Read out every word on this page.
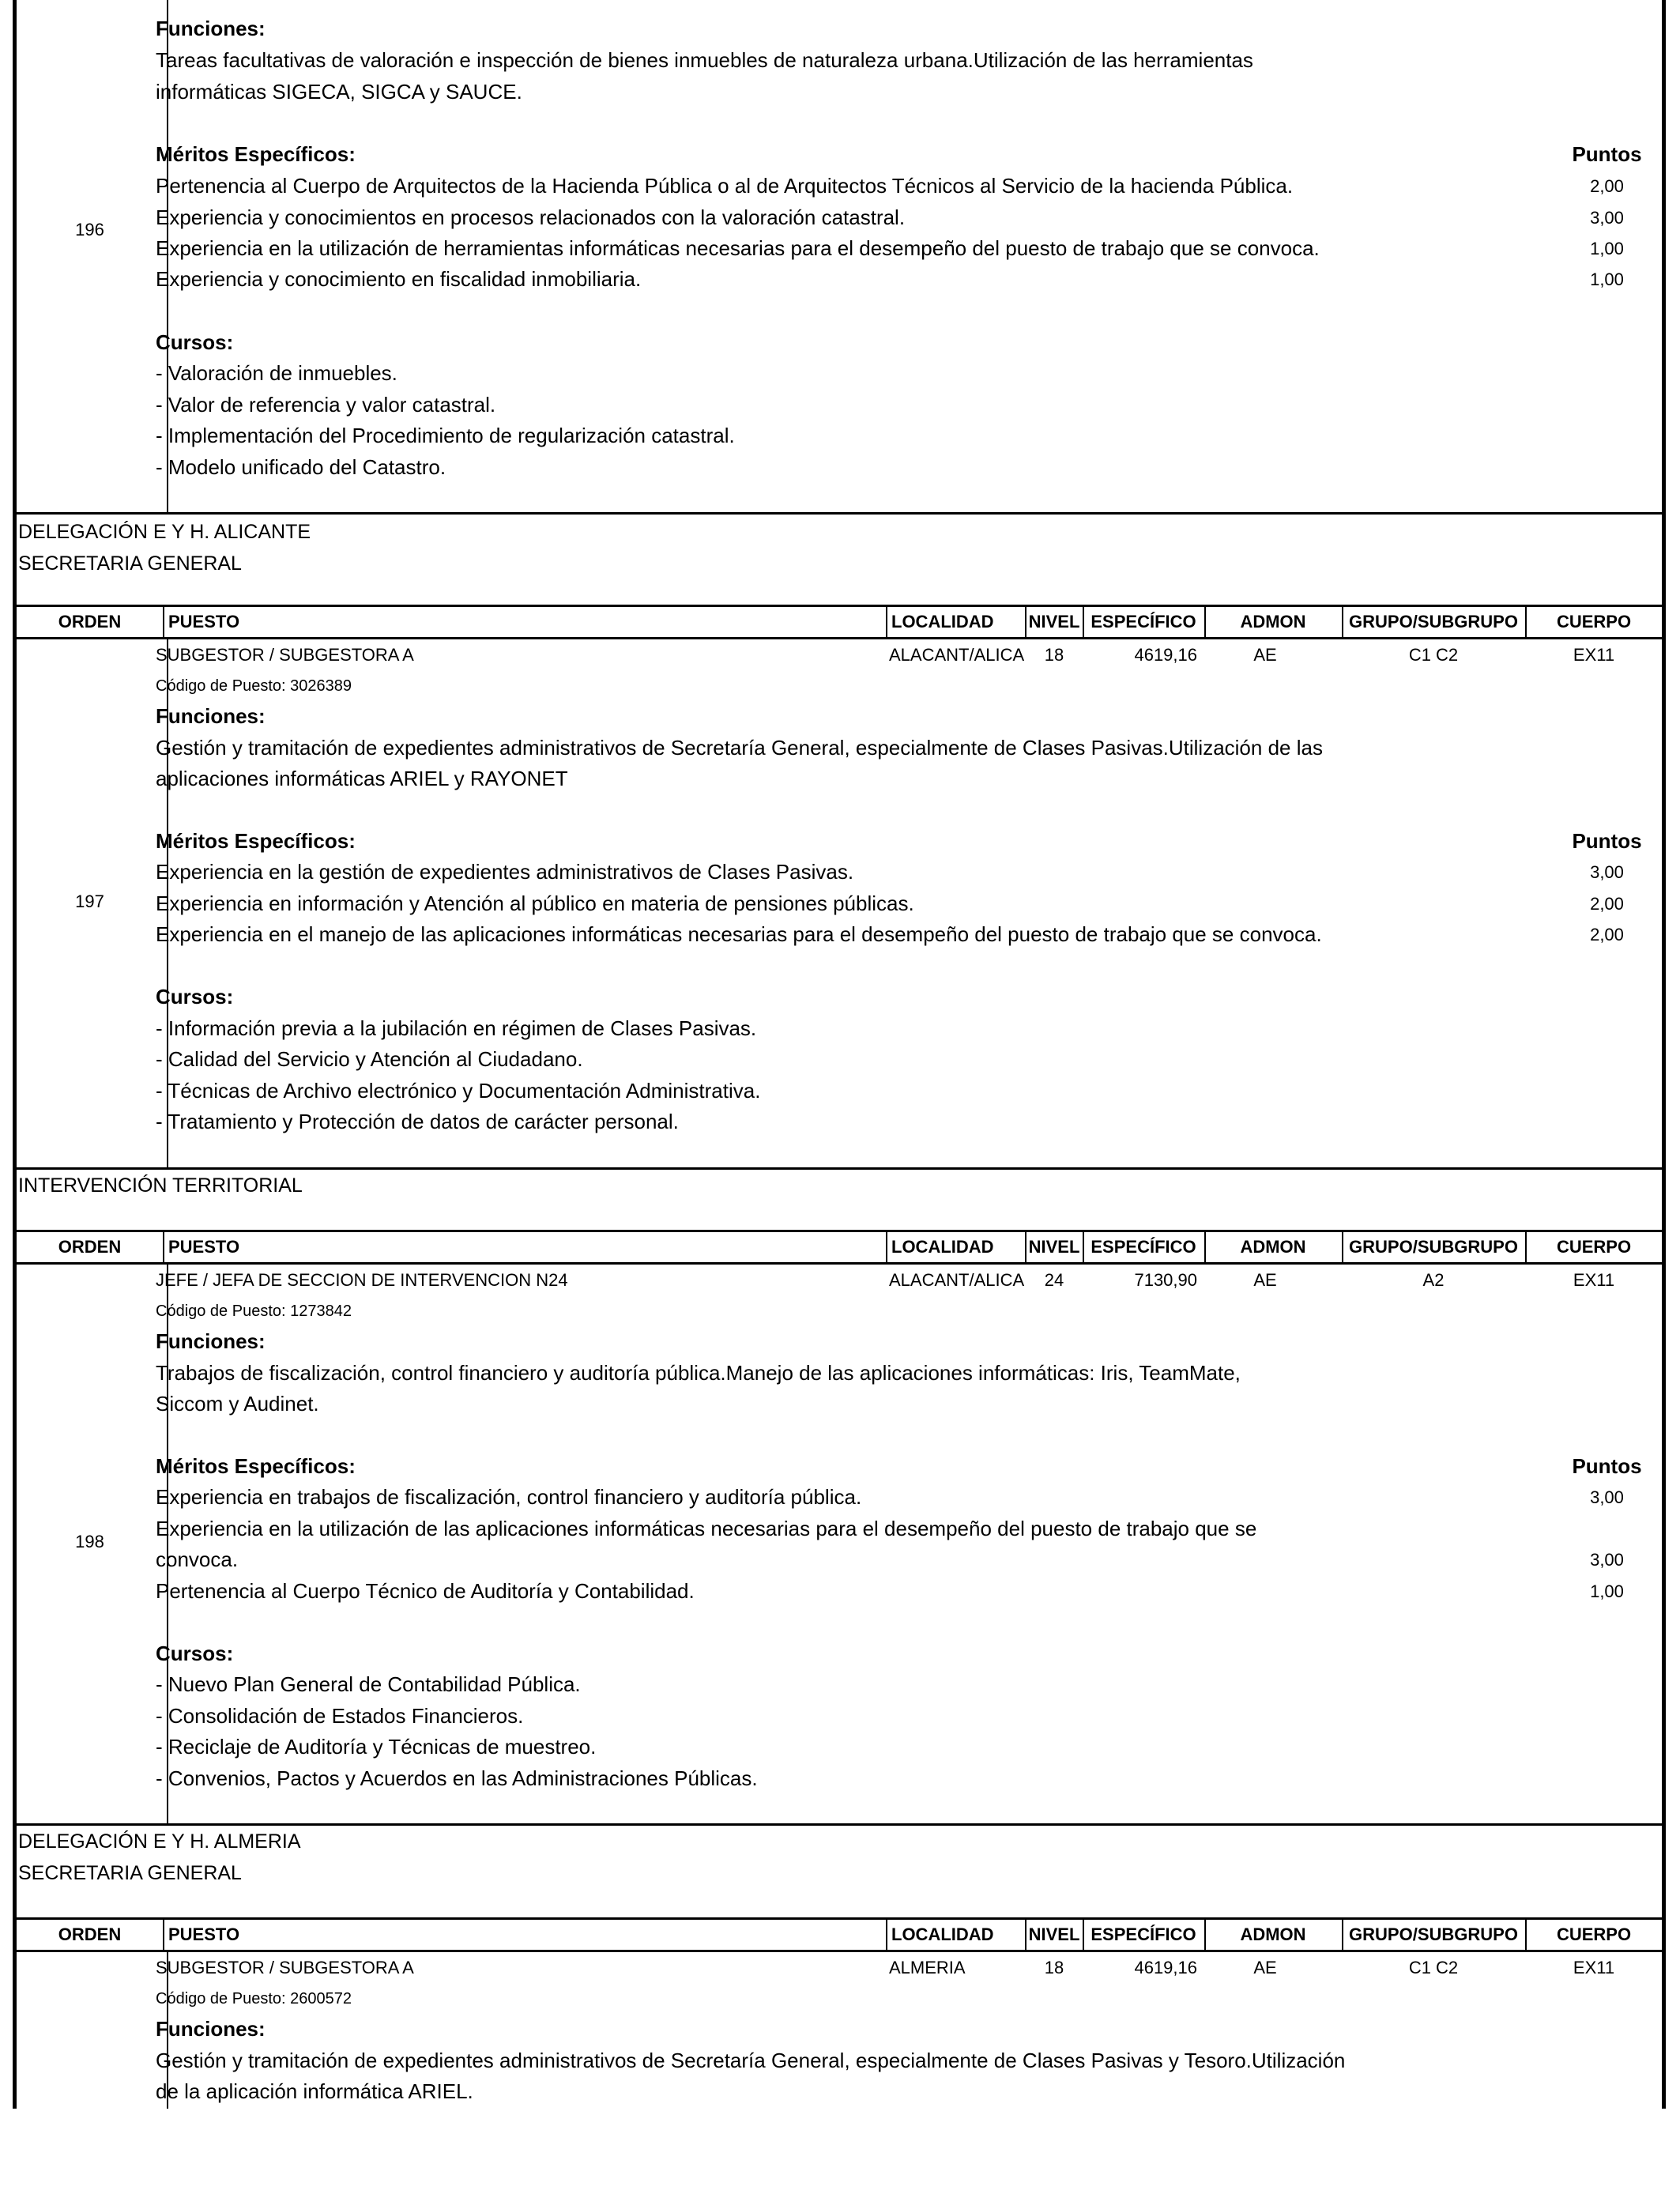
196
Funciones:
Tareas facultativas de valoración e inspección de bienes inmuebles de naturaleza urbana.Utilización de las herramientas
informáticas SIGECA, SIGCA y SAUCE.
Méritos Específicos:	Puntos
Pertenencia al Cuerpo de Arquitectos de la Hacienda Pública o al de Arquitectos Técnicos al Servicio de la hacienda Pública.	2,00
Experiencia y conocimientos en procesos relacionados con la valoración catastral.	3,00
Experiencia en la utilización de herramientas informáticas necesarias para el desempeño del puesto de trabajo que se convoca.	1,00
Experiencia y conocimiento en fiscalidad inmobiliaria.	1,00
Cursos:
- Valoración de inmuebles.
- Valor de referencia y valor catastral.
- Implementación del Procedimiento de regularización catastral.
- Modelo unificado del Catastro.
DELEGACIÓN E Y H. ALICANTE
SECRETARIA GENERAL
ORDEN	PUESTO	LOCALIDAD NIVEL ESPECÍFICO	ADMON	GRUPO/SUBGRUPO	CUERPO
197
SUBGESTOR / SUBGESTORA A	ALACANT/ALICA	18	4619,16	AE	C1 C2	EX11
Código de Puesto: 3026389
Funciones:
Gestión y tramitación de expedientes administrativos de Secretaría General, especialmente de Clases Pasivas.Utilización de las
aplicaciones informáticas ARIEL y RAYONET
Méritos Específicos:	Puntos
Experiencia en la gestión de expedientes administrativos de Clases Pasivas.	3,00
Experiencia en información y Atención al público en materia de pensiones públicas.	2,00
Experiencia en el manejo de las aplicaciones informáticas necesarias para el desempeño del puesto de trabajo que se convoca.	2,00
Cursos:
- Información previa a la jubilación en régimen de Clases Pasivas.
- Calidad del Servicio y Atención al Ciudadano.
- Técnicas de Archivo electrónico y Documentación Administrativa.
- Tratamiento y Protección de datos de carácter personal.
INTERVENCIÓN TERRITORIAL
ORDEN	PUESTO	LOCALIDAD NIVEL ESPECÍFICO	ADMON	GRUPO/SUBGRUPO	CUERPO
198
JEFE / JEFA DE SECCION DE INTERVENCION N24	ALACANT/ALICA	24	7130,90	AE	A2	EX11
Código de Puesto: 1273842
Funciones:
Trabajos de fiscalización, control financiero y auditoría pública.Manejo de las aplicaciones informáticas: Iris, TeamMate,
Siccom y Audinet.
Méritos Específicos:	Puntos
Experiencia en trabajos de fiscalización, control financiero y auditoría pública.	3,00
Experiencia en la utilización de las aplicaciones informáticas necesarias para el desempeño del puesto de trabajo que se
convoca.	3,00
Pertenencia al Cuerpo Técnico de Auditoría y Contabilidad.	1,00
Cursos:
- Nuevo Plan General de Contabilidad Pública.
- Consolidación de Estados Financieros.
- Reciclaje de Auditoría y Técnicas de muestreo.
- Convenios, Pactos y Acuerdos en las Administraciones Públicas.
DELEGACIÓN E Y H. ALMERIA
SECRETARIA GENERAL
ORDEN	PUESTO	LOCALIDAD NIVEL ESPECÍFICO	ADMON	GRUPO/SUBGRUPO	CUERPO
SUBGESTOR / SUBGESTORA A	ALMERIA	18	4619,16	AE	C1 C2	EX11
Código de Puesto: 2600572
Funciones:
Gestión y tramitación de expedientes administrativos de Secretaría General, especialmente de Clases Pasivas y Tesoro.Utilización
de la aplicación informática ARIEL.
